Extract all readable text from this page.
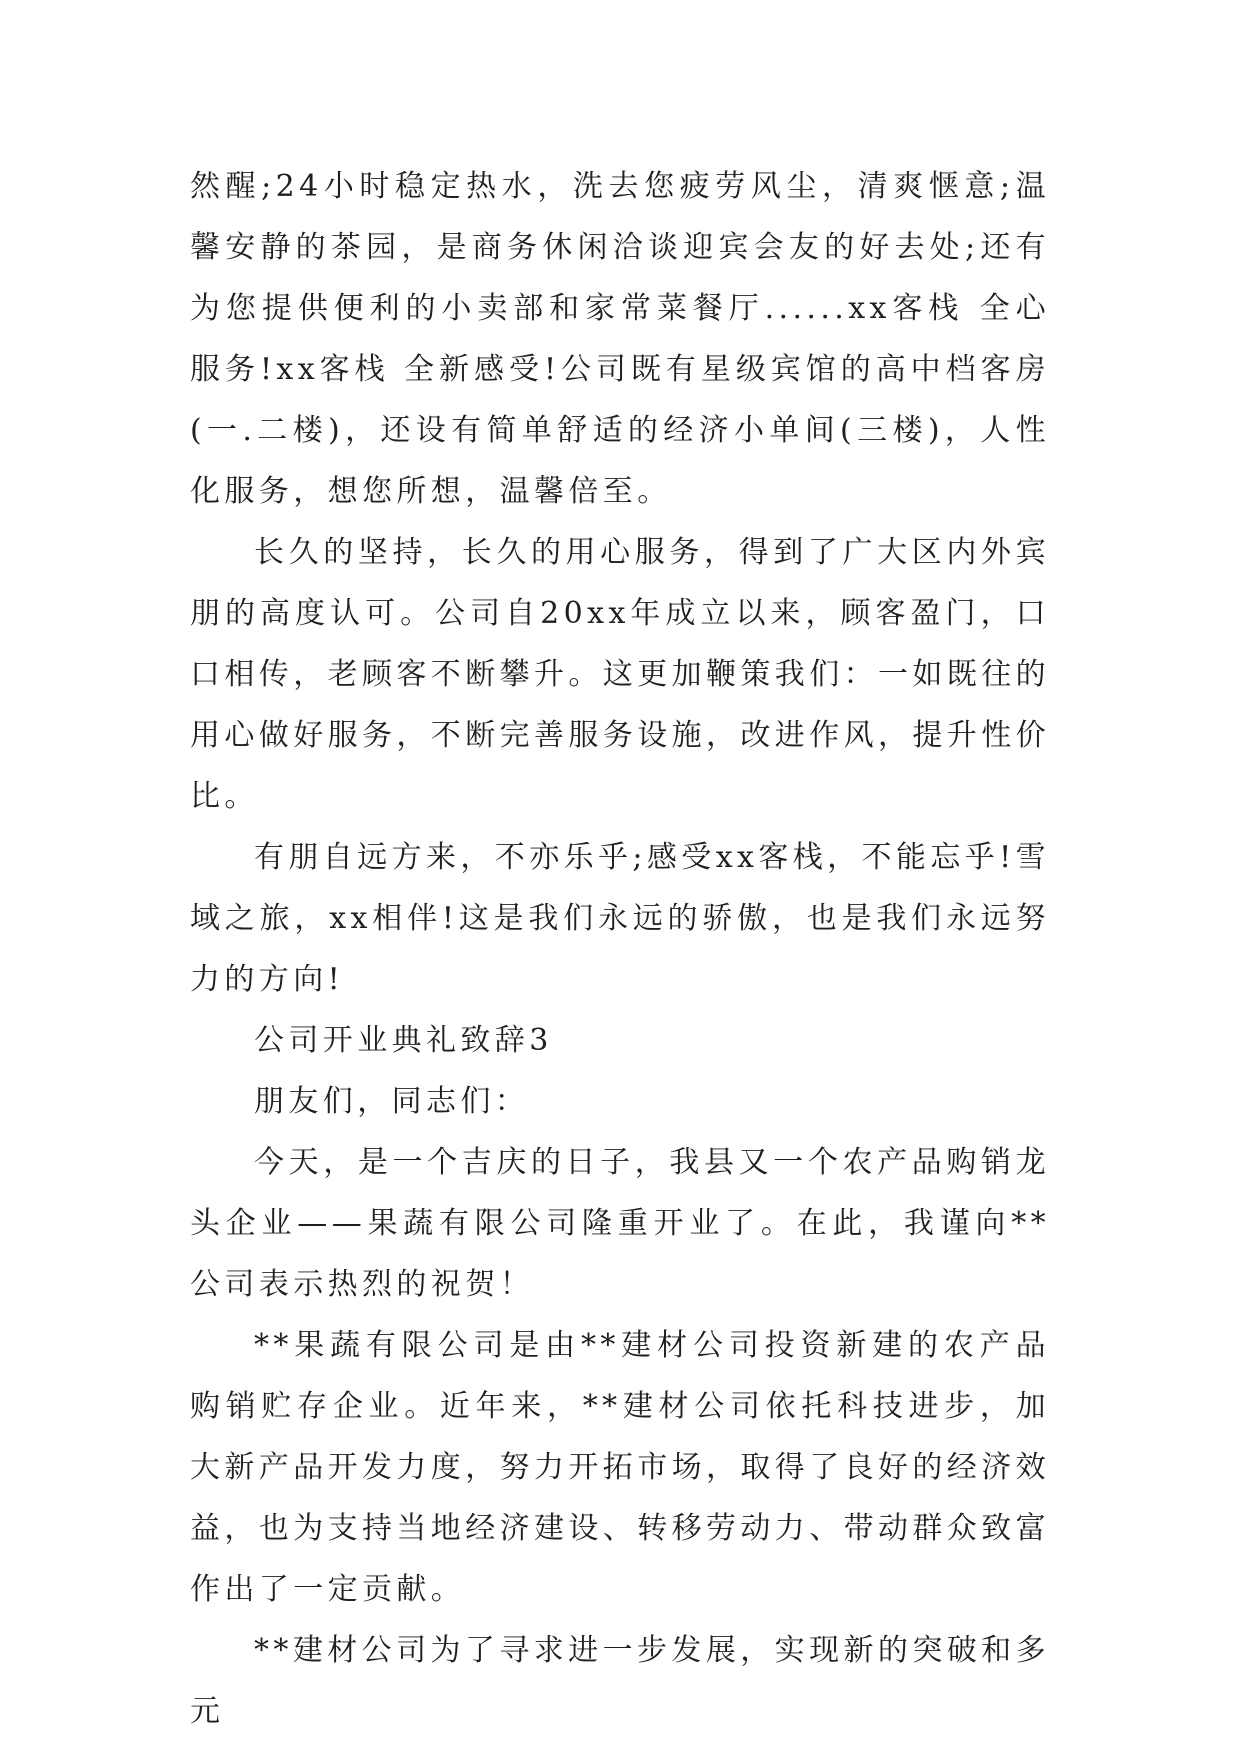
然醒;24小时稳定热水，洗去您疲劳风尘，清爽惬意;温馨安静的茶园，是商务休闲洽谈迎宾会友的好去处;还有为您提供便利的小卖部和家常菜餐厅......xx客栈 全心服务!xx客栈 全新感受!公司既有星级宾馆的高中档客房(一.二楼)，还设有简单舒适的经济小单间(三楼)，人性化服务，想您所想，温馨倍至。

长久的坚持，长久的用心服务，得到了广大区内外宾朋的高度认可。公司自20xx年成立以来，顾客盈门，口口相传，老顾客不断攀升。这更加鞭策我们：一如既往的用心做好服务，不断完善服务设施，改进作风，提升性价比。

有朋自远方来，不亦乐乎;感受xx客栈，不能忘乎!雪域之旅，xx相伴!这是我们永远的骄傲，也是我们永远努力的方向!

公司开业典礼致辞3

朋友们，同志们：

今天，是一个吉庆的日子，我县又一个农产品购销龙头企业——果蔬有限公司隆重开业了。在此，我谨向**公司表示热烈的祝贺！

**果蔬有限公司是由**建材公司投资新建的农产品购销贮存企业。近年来，**建材公司依托科技进步，加大新产品开发力度，努力开拓市场，取得了良好的经济效益，也为支持当地经济建设、转移劳动力、带动群众致富作出了一定贡献。

**建材公司为了寻求进一步发展，实现新的突破和多元
